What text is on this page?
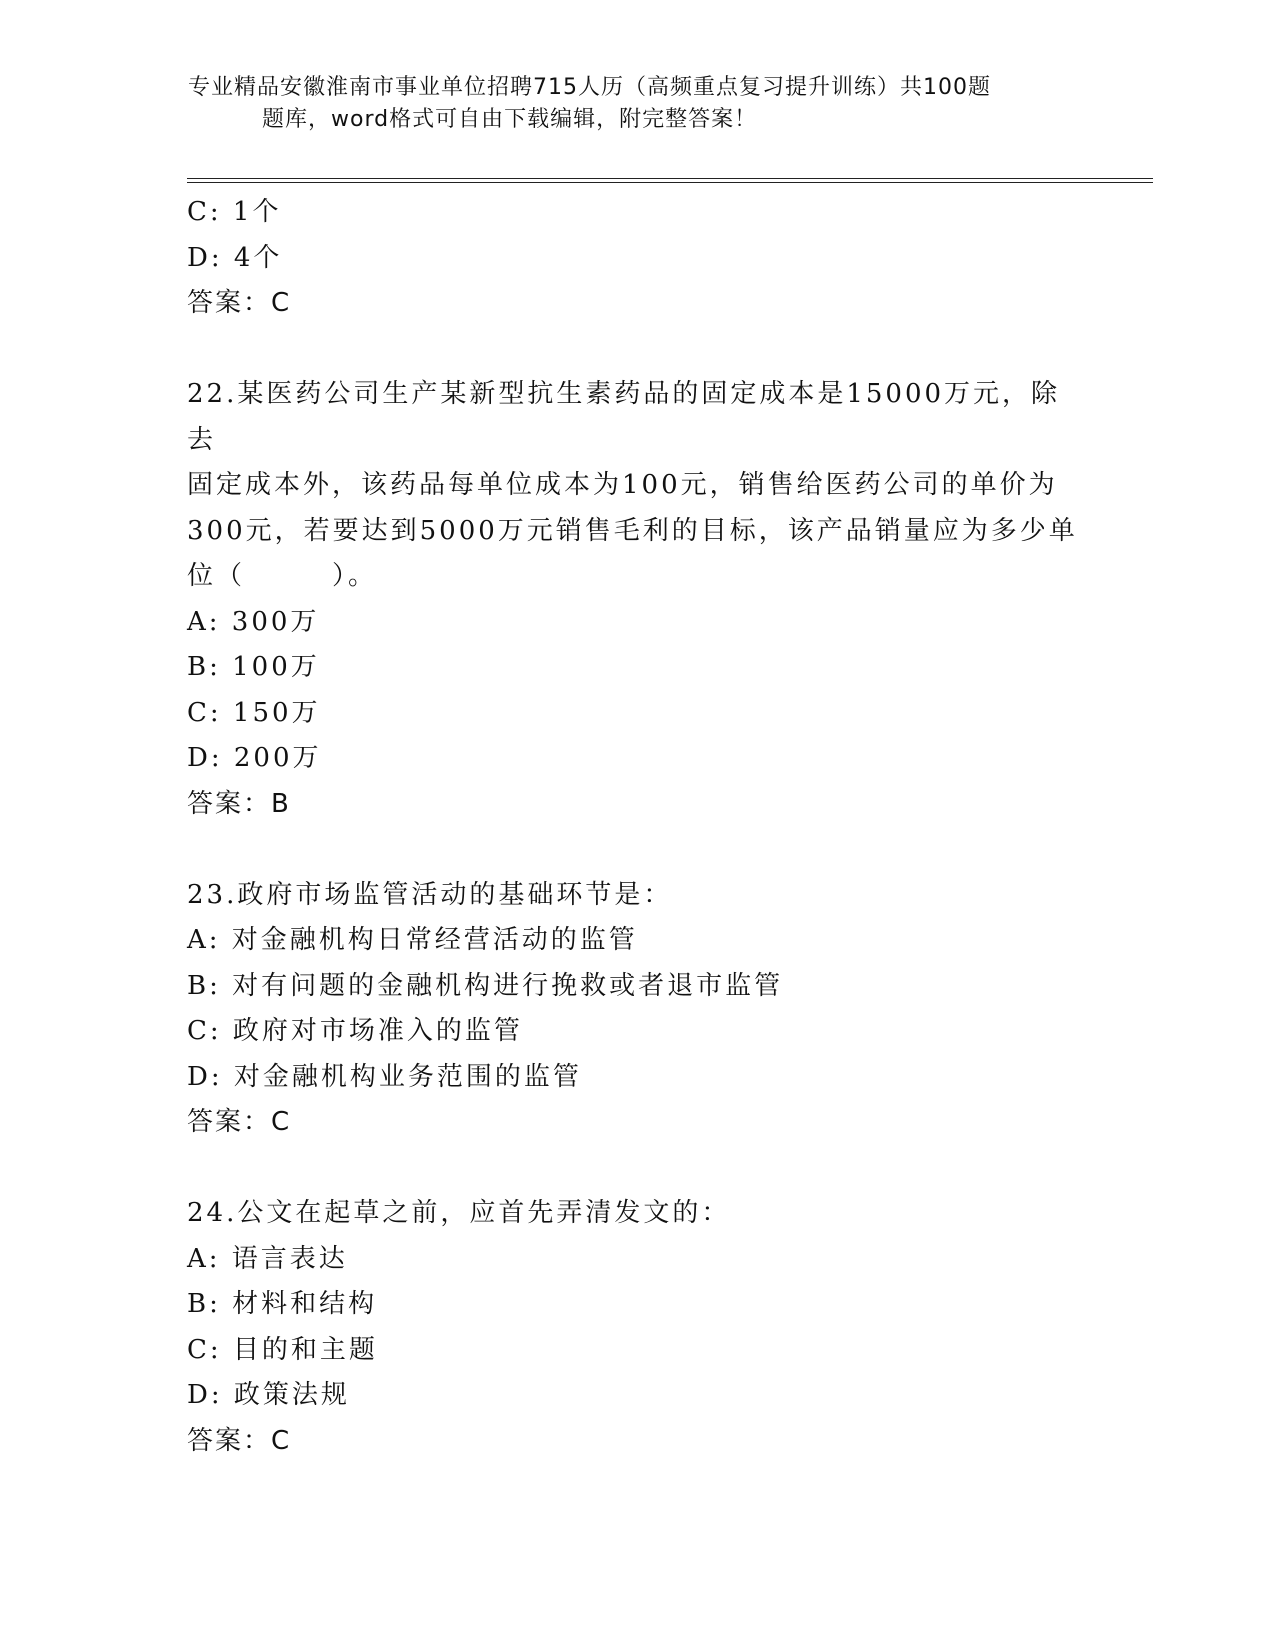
专业精品安徽淮南市事业单位招聘715人历（高频重点复习提升训练）共100题
题库，word格式可自由下载编辑，附完整答案！
C: 1个
D: 4个
答案：C
22.某医药公司生产某新型抗生素药品的固定成本是15000万元，除去
固定成本外，该药品每单位成本为100元，销售给医药公司的单价为
300元，若要达到5000万元销售毛利的目标，该产品销量应为多少单
位（　　　）。
A: 300万
B: 100万
C: 150万
D: 200万
答案：B
23.政府市场监管活动的基础环节是：
A: 对金融机构日常经营活动的监管
B: 对有问题的金融机构进行挽救或者退市监管
C: 政府对市场准入的监管
D: 对金融机构业务范围的监管
答案：C
24.公文在起草之前，应首先弄清发文的：
A: 语言表达
B: 材料和结构
C: 目的和主题
D: 政策法规
答案：C
